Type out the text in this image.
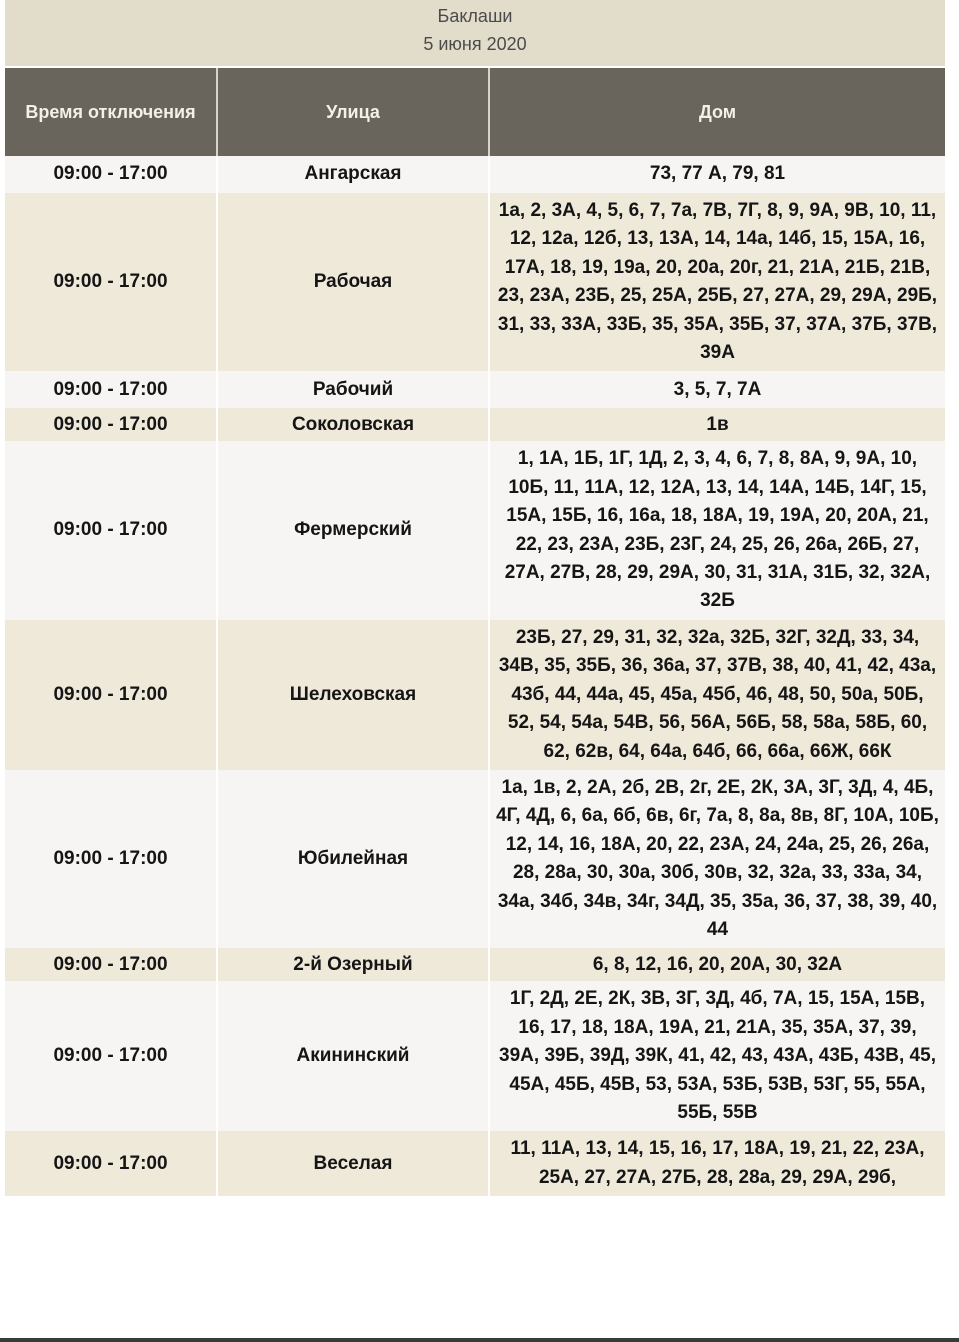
Баклаши
5 июня 2020
Время отключения	Улица	Дом
09:00 - 17:00	Ангарская	73, 77 А, 79, 81
09:00 - 17:00	Рабочая	1а, 2, 3А, 4, 5, 6, 7, 7а, 7В, 7Г, 8, 9, 9А, 9В, 10, 11, 12, 12а, 12б, 13, 13А, 14, 14а, 14б, 15, 15А, 16, 17А, 18, 19, 19а, 20, 20а, 20г, 21, 21А, 21Б, 21В, 23, 23А, 23Б, 25, 25А, 25Б, 27, 27А, 29, 29А, 29Б, 31, 33, 33А, 33Б, 35, 35А, 35Б, 37, 37А, 37Б, 37В, 39А
09:00 - 17:00	Рабочий	3, 5, 7, 7А
09:00 - 17:00	Соколовская	1в
09:00 - 17:00	Фермерский	1, 1А, 1Б, 1Г, 1Д, 2, 3, 4, 6, 7, 8, 8А, 9, 9А, 10, 10Б, 11, 11А, 12, 12А, 13, 14, 14А, 14Б, 14Г, 15, 15А, 15Б, 16, 16а, 18, 18А, 19, 19А, 20, 20А, 21, 22, 23, 23А, 23Б, 23Г, 24, 25, 26, 26а, 26Б, 27, 27А, 27В, 28, 29, 29А, 30, 31, 31А, 31Б, 32, 32А, 32Б
09:00 - 17:00	Шелеховская	23Б, 27, 29, 31, 32, 32а, 32Б, 32Г, 32Д, 33, 34, 34В, 35, 35Б, 36, 36а, 37, 37В, 38, 40, 41, 42, 43а, 43б, 44, 44а, 45, 45а, 45б, 46, 48, 50, 50а, 50Б, 52, 54, 54а, 54В, 56, 56А, 56Б, 58, 58а, 58Б, 60, 62, 62в, 64, 64а, 64б, 66, 66а, 66Ж, 66К
09:00 - 17:00	Юбилейная	1а, 1в, 2, 2А, 2б, 2В, 2г, 2Е, 2К, 3А, 3Г, 3Д, 4, 4Б, 4Г, 4Д, 6, 6а, 6б, 6в, 6г, 7а, 8, 8а, 8в, 8Г, 10А, 10Б, 12, 14, 16, 18А, 20, 22, 23А, 24, 24а, 25, 26, 26а, 28, 28а, 30, 30а, 30б, 30в, 32, 32а, 33, 33а, 34, 34а, 34б, 34в, 34г, 34Д, 35, 35а, 36, 37, 38, 39, 40, 44
09:00 - 17:00	2-й Озерный	6, 8, 12, 16, 20, 20А, 30, 32А
09:00 - 17:00	Акининский	1Г, 2Д, 2Е, 2К, 3В, 3Г, 3Д, 4б, 7А, 15, 15А, 15В, 16, 17, 18, 18А, 19А, 21, 21А, 35, 35А, 37, 39, 39А, 39Б, 39Д, 39К, 41, 42, 43, 43А, 43Б, 43В, 45, 45А, 45Б, 45В, 53, 53А, 53Б, 53В, 53Г, 55, 55А, 55Б, 55В
09:00 - 17:00	Веселая	11, 11А, 13, 14, 15, 16, 17, 18А, 19, 21, 22, 23А, 25А, 27, 27А, 27Б, 28, 28а, 29, 29А, 29б,
